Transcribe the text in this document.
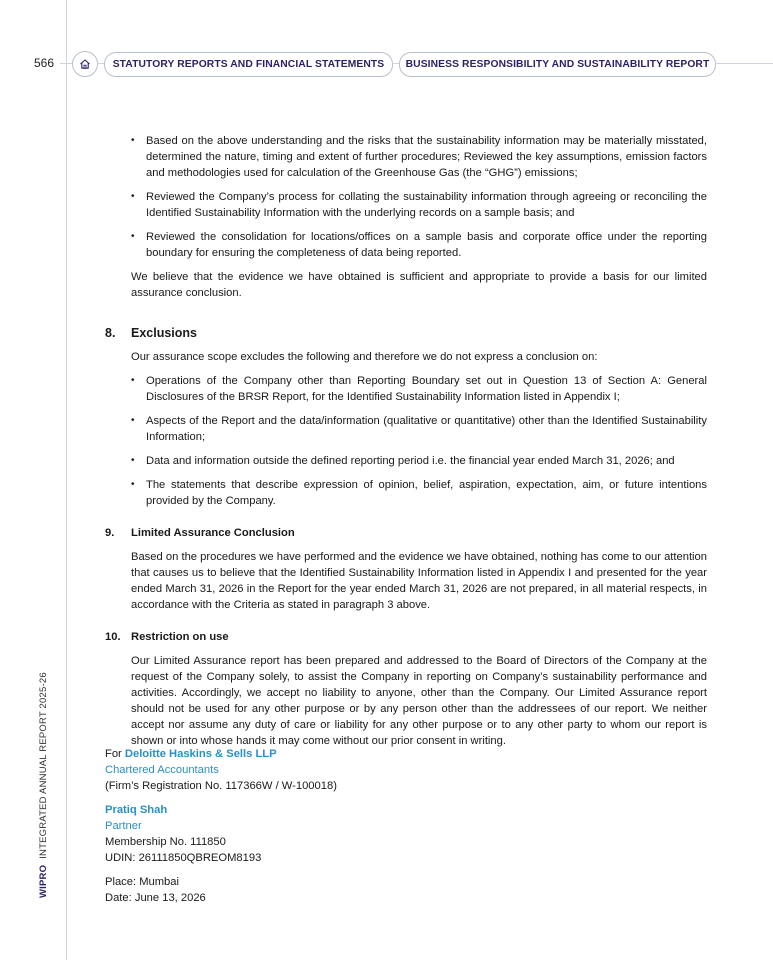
566	STATUTORY REPORTS AND FINANCIAL STATEMENTS	BUSINESS RESPONSIBILITY AND SUSTAINABILITY REPORT
WIPROINTEGRATED ANNUAL REPORT 2025-26
• Based on the above understanding and the risks that the sustainability information may be materially misstated, determined the nature, timing and extent of further procedures; Reviewed the key assumptions, emission factors and methodologies used for calculation of the Greenhouse Gas (the “GHG”) emissions;
• Reviewed the Company’s process for collating the sustainability information through agreeing or reconciling the Identified Sustainability Information with the underlying records on a sample basis; and
• Reviewed the consolidation for locations/offices on a sample basis and corporate office under the reporting boundary for ensuring the completeness of data being reported.

We believe that the evidence we have obtained is sufficient and appropriate to provide a basis for our limited assurance conclusion.

8.	Exclusions

Our assurance scope excludes the following and therefore we do not express a conclusion on:

• Operations of the Company other than Reporting Boundary set out in Question 13 of Section A: General Disclosures of the BRSR Report, for the Identified Sustainability Information listed in Appendix I;
• Aspects of the Report and the data/information (qualitative or quantitative) other than the Identified Sustainability Information;
• Data and information outside the defined reporting period i.e. the financial year ended March 31, 2026; and
• The statements that describe expression of opinion, belief, aspiration, expectation, aim, or future intentions provided by the Company.
9.	Limited Assurance Conclusion

Based on the procedures we have performed and the evidence we have obtained, nothing has come to our attention that causes us to believe that the Identified Sustainability Information listed in Appendix I and presented for the year ended March 31, 2026 in the Report for the year ended March 31, 2026 are not prepared, in all material respects, in accordance with the Criteria as stated in paragraph 3 above.

10. Restriction on use

Our Limited Assurance report has been prepared and addressed to the Board of Directors of the Company at the request of the Company solely, to assist the Company in reporting on Company’s sustainability performance and activities. Accordingly, we accept no liability to anyone, other than the Company. Our Limited Assurance report should not be used for any other purpose or by any person other than the addressees of our report. We neither accept nor assume any duty of care or liability for any other purpose or to any other party to whom our report is shown or into whose hands it may come without our prior consent in writing.

For Deloitte Haskins & Sells LLP
Chartered Accountants
(Firm’s Registration No. 117366W / W-100018)
Pratiq Shah
Partner
Membership No. 111850
UDIN: 26111850QBREOM8193
Place: Mumbai
Date: June 13, 2026
